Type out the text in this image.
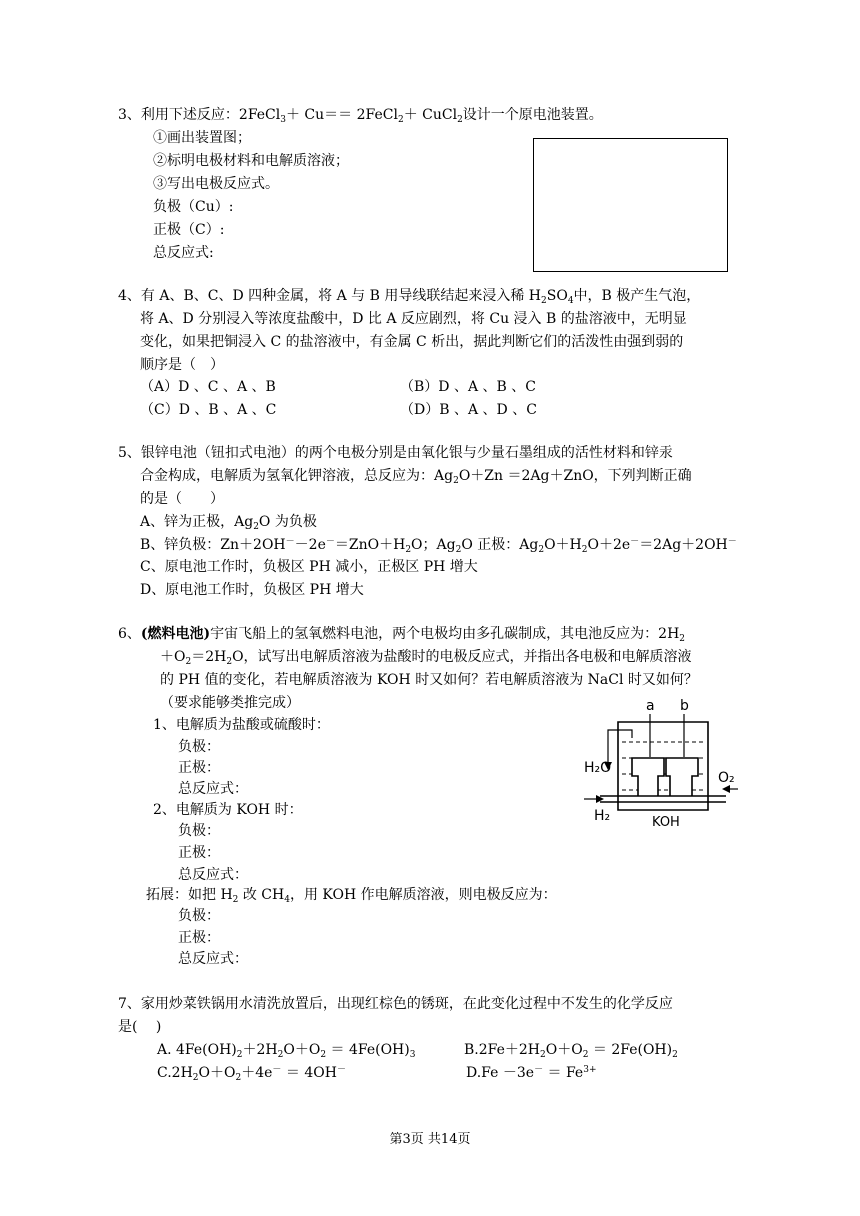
3、利用下述反应：2FeCl$_3$＋ Cu＝＝ 2FeCl$_2$＋ CuCl$_2$设计一个原电池装置。
①画出装置图；
②标明电极材料和电解质溶液；
③写出电极反应式。
负极（Cu）:
正极（C）:
总反应式:
4、有 A、B、C、D 四种金属，将 A 与 B 用导线联结起来浸入稀 $H_2SO_4$中，B 极产生气泡，
将 A、D 分别浸入等浓度盐酸中，D 比 A 反应剧烈，将 Cu 浸入 B 的盐溶液中，无明显
变化，如果把铜浸入 C 的盐溶液中，有金属 C 析出，据此判断它们的活泼性由强到弱的
顺序是（　）
（A）D 、C 、A 、B	（B）D 、A 、B 、C
（C）D 、B 、A 、C	（D）B 、A 、D 、C
5、银锌电池（钮扣式电池）的两个电极分别是由氧化银与少量石墨组成的活性材料和锌汞
合金构成，电解质为氢氧化钾溶液，总反应为：$Ag_2O+Zn =2Ag+ZnO$，下列判断正确
的是（　　）
A、锌为正极，$Ag_2O$ 为负极
B、锌负极：$Zn+2OH^--2e^-=ZnO+H_2O$；$Ag_2O$ 正极：$Ag_2O+H_2O+2e^-=2Ag+2OH^-$
C、原电池工作时，负极区 PH 减小，正极区 PH 增大
D、原电池工作时，负极区 PH 增大
6、(燃料电池)宇宙飞船上的氢氧燃料电池，两个电极均由多孔碳制成，其电池反应为：$2H_2$
$+O_2=2H_2O$，试写出电解质溶液为盐酸时的电极反应式，并指出各电极和电解质溶液
的 PH 值的变化，若电解质溶液为 KOH 时又如何？若电解质溶液为 NaCl 时又如何？
（要求能够类推完成）
1、电解质为盐酸或硫酸时：
负极：
正极：
总反应式：
2、电解质为 KOH 时：
负极：
正极：
总反应式：
拓展：如把 $H_2$ 改 $CH_4$，用 KOH 作电解质溶液，则电极反应为：
负极：
正极：
总反应式：
a b
H₂O
O₂
H₂	KOH
7、家用炒菜铁锅用水清洗放置后，出现红棕色的锈斑，在此变化过程中不发生的化学反应
是(　 )
A. $4Fe(OH)_2+2H_2O+O_2 = 4Fe(OH)_3$	$B.2Fe+2H_2O+O_2 = 2Fe(OH)_2$
$C.2H_2O+O_2+4e^- = 4OH^-$	$D.Fe -3e^- = Fe^{3+}$
第3页 共14页
